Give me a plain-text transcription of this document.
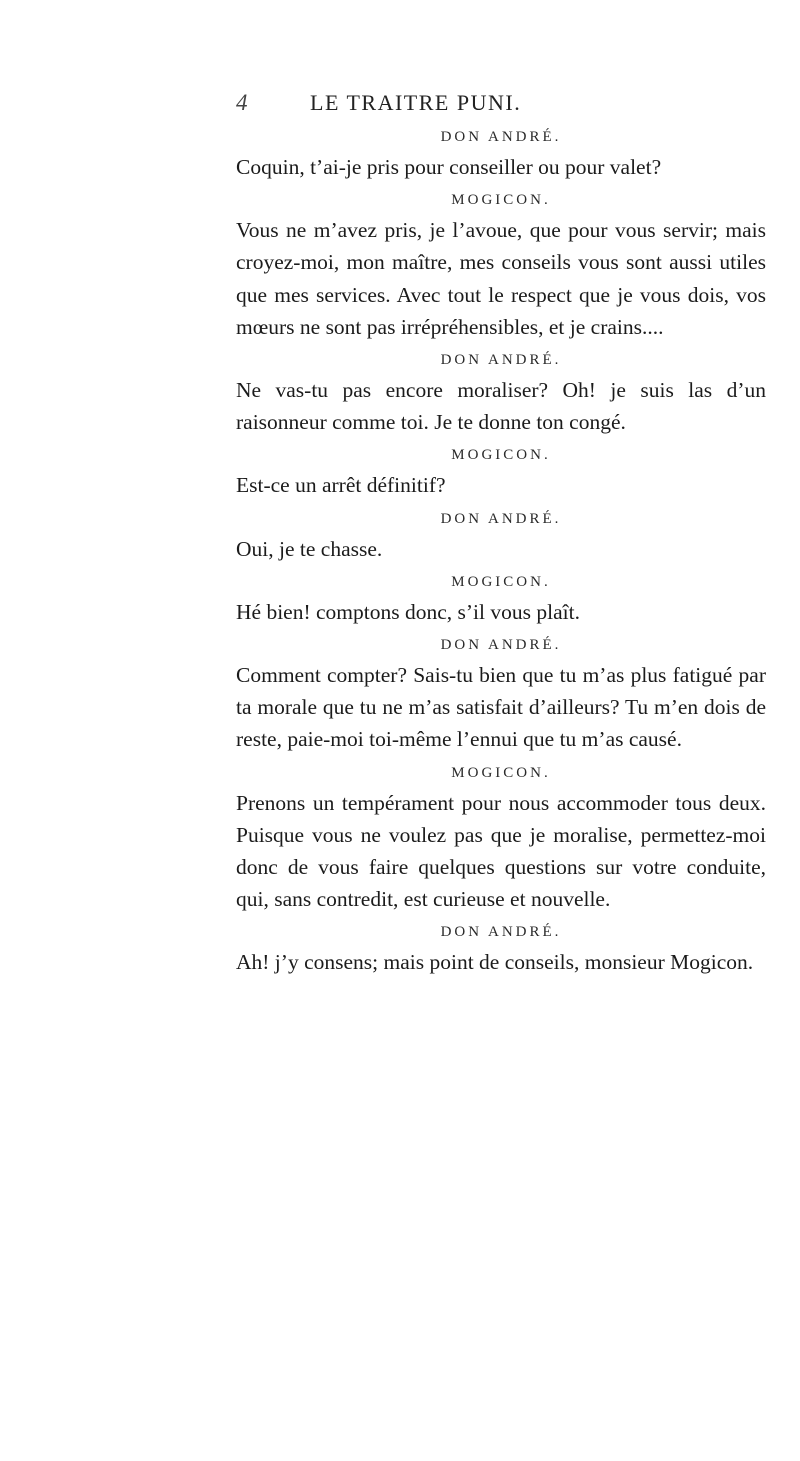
4	LE TRAITRE PUNI.
DON ANDRÉ.

Coquin, t’ai-je pris pour conseiller ou pour valet?

MOGICON.

Vous ne m’avez pris, je l’avoue, que pour vous servir; mais croyez-moi, mon maître, mes conseils vous sont aussi utiles que mes services. Avec tout le respect que je vous dois, vos mœurs ne sont pas irrépréhensibles, et je crains....

DON ANDRÉ.

Ne vas-tu pas encore moraliser? Oh! je suis las d’un raisonneur comme toi. Je te donne ton congé.

MOGICON.

Est-ce un arrêt définitif?

DON ANDRÉ.

Oui, je te chasse.

MOGICON.

Hé bien! comptons donc, s’il vous plaît.

DON ANDRÉ.

Comment compter? Sais-tu bien que tu m’as plus fatigué par ta morale que tu ne m’as satisfait d’ailleurs? Tu m’en dois de reste, paie-moi toi-même l’ennui que tu m’as causé.

MOGICON.

Prenons un tempérament pour nous accommoder tous deux. Puisque vous ne voulez pas que je moralise, permettez-moi donc de vous faire quelques questions sur votre conduite, qui, sans contredit, est curieuse et nouvelle.

DON ANDRÉ.

Ah! j’y consens; mais point de conseils, monsieur Mogicon.
